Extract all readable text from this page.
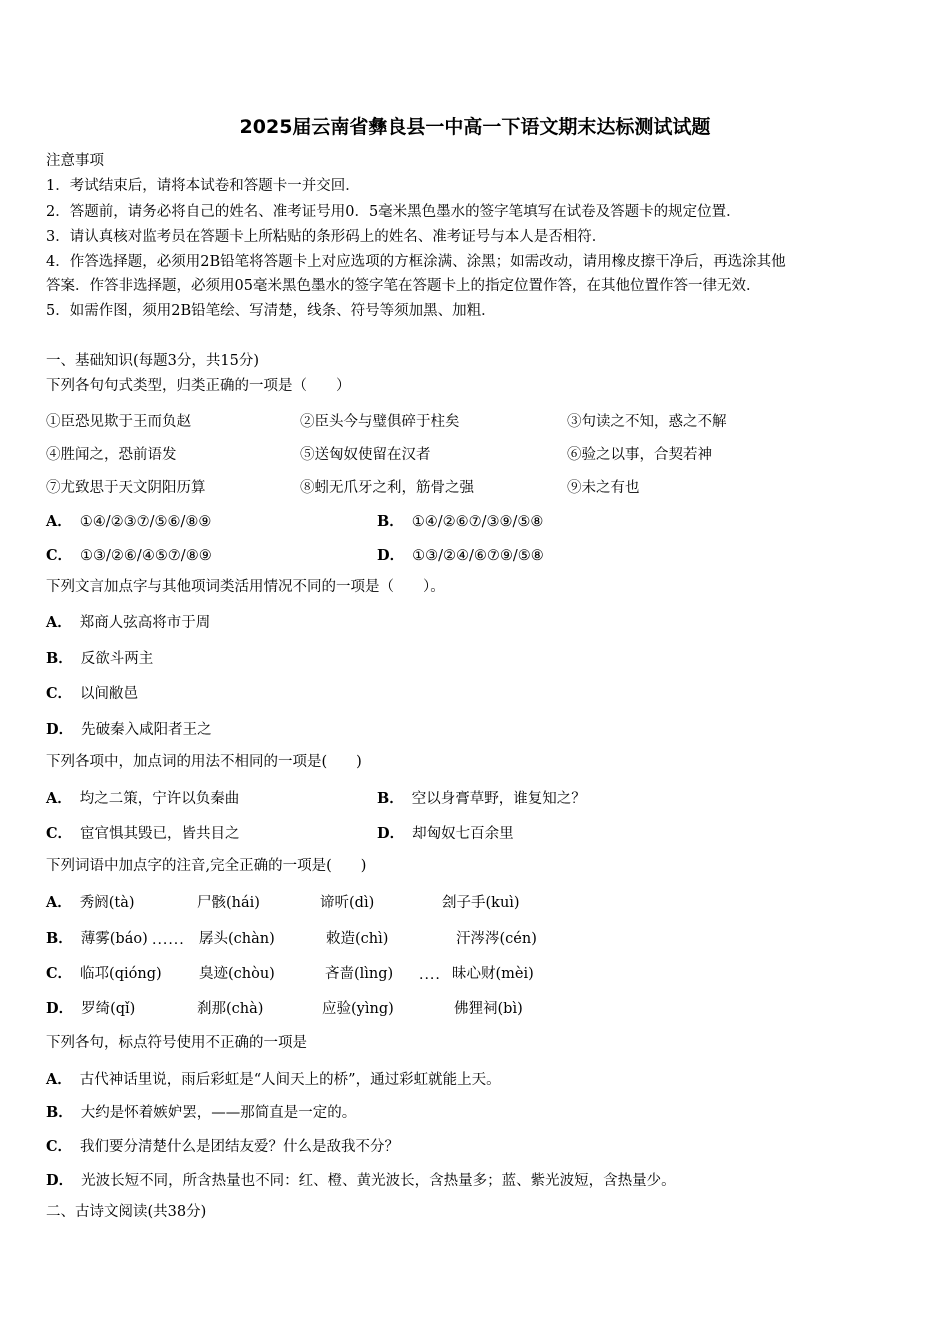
2025届云南省彝良县一中高一下语文期末达标测试试题
注意事项
1．考试结束后，请将本试卷和答题卡一并交回．
2．答题前，请务必将自己的姓名、准考证号用0．5毫米黑色墨水的签字笔填写在试卷及答题卡的规定位置．
3．请认真核对监考员在答题卡上所粘贴的条形码上的姓名、准考证号与本人是否相符．
4．作答选择题，必须用2B铅笔将答题卡上对应选项的方框涂满、涂黑；如需改动，请用橡皮擦干净后，再选涂其他
答案．作答非选择题，必须用05毫米黑色墨水的签字笔在答题卡上的指定位置作答，在其他位置作答一律无效．
5．如需作图，须用2B铅笔绘、写清楚，线条、符号等须加黑、加粗．
一、基础知识(每题3分，共15分)
下列各句句式类型，归类正确的一项是（　　）
①臣恐见欺于王而负赵	②臣头今与璧俱碎于柱矣	③句读之不知，惑之不解
④胜闻之，恐前语发	⑤送匈奴使留在汉者	⑥验之以事，合契若神
⑦尤致思于天文阴阳历算	⑧蚓无爪牙之利，筋骨之强	⑨未之有也
A． ①④/②③⑦/⑤⑥/⑧⑨	B． ①④/②⑥⑦/③⑨/⑤⑧
C． ①③/②⑥/④⑤⑦/⑧⑨	D． ①③/②④/⑥⑦⑨/⑤⑧
下列文言加点字与其他项词类活用情况不同的一项是（　　）。
A． 郑商人弦高将市于周
B． 反欲斗两主
C． 以间敝邑
D． 先破秦入咸阳者王之
下列各项中，加点词的用法不相同的一项是(　　)
A． 均之二策，宁许以负秦曲	B． 空以身膏草野，谁复知之？
C． 宦官惧其毁已，皆共目之	D． 却匈奴七百余里
下列词语中加点字的注音,完全正确的一项是(　　)
A． 秀阏(tà)	尸骸(hái)	谛听(dì)	刽子手(kuì)
B． 薄雾(báo) ...... 孱头(chàn)	敕造(chì)	汗涔涔(cén)
C． 临邛(qióng)	臭迹(chòu)	吝啬(lìng) .... 昧心财(mèi)
D． 罗绮(qǐ)	刹那(chà)	应验(yìng)	佛狸祠(bì)
下列各句，标点符号使用不正确的一项是
A． 古代神话里说，雨后彩虹是“人间天上的桥”，通过彩虹就能上天。
B． 大约是怀着嫉妒罢，——那简直是一定的。
C． 我们要分清楚什么是团结友爱？什么是敌我不分？
D． 光波长短不同，所含热量也不同：红、橙、黄光波长，含热量多；蓝、紫光波短，含热量少。
二、古诗文阅读(共38分)
